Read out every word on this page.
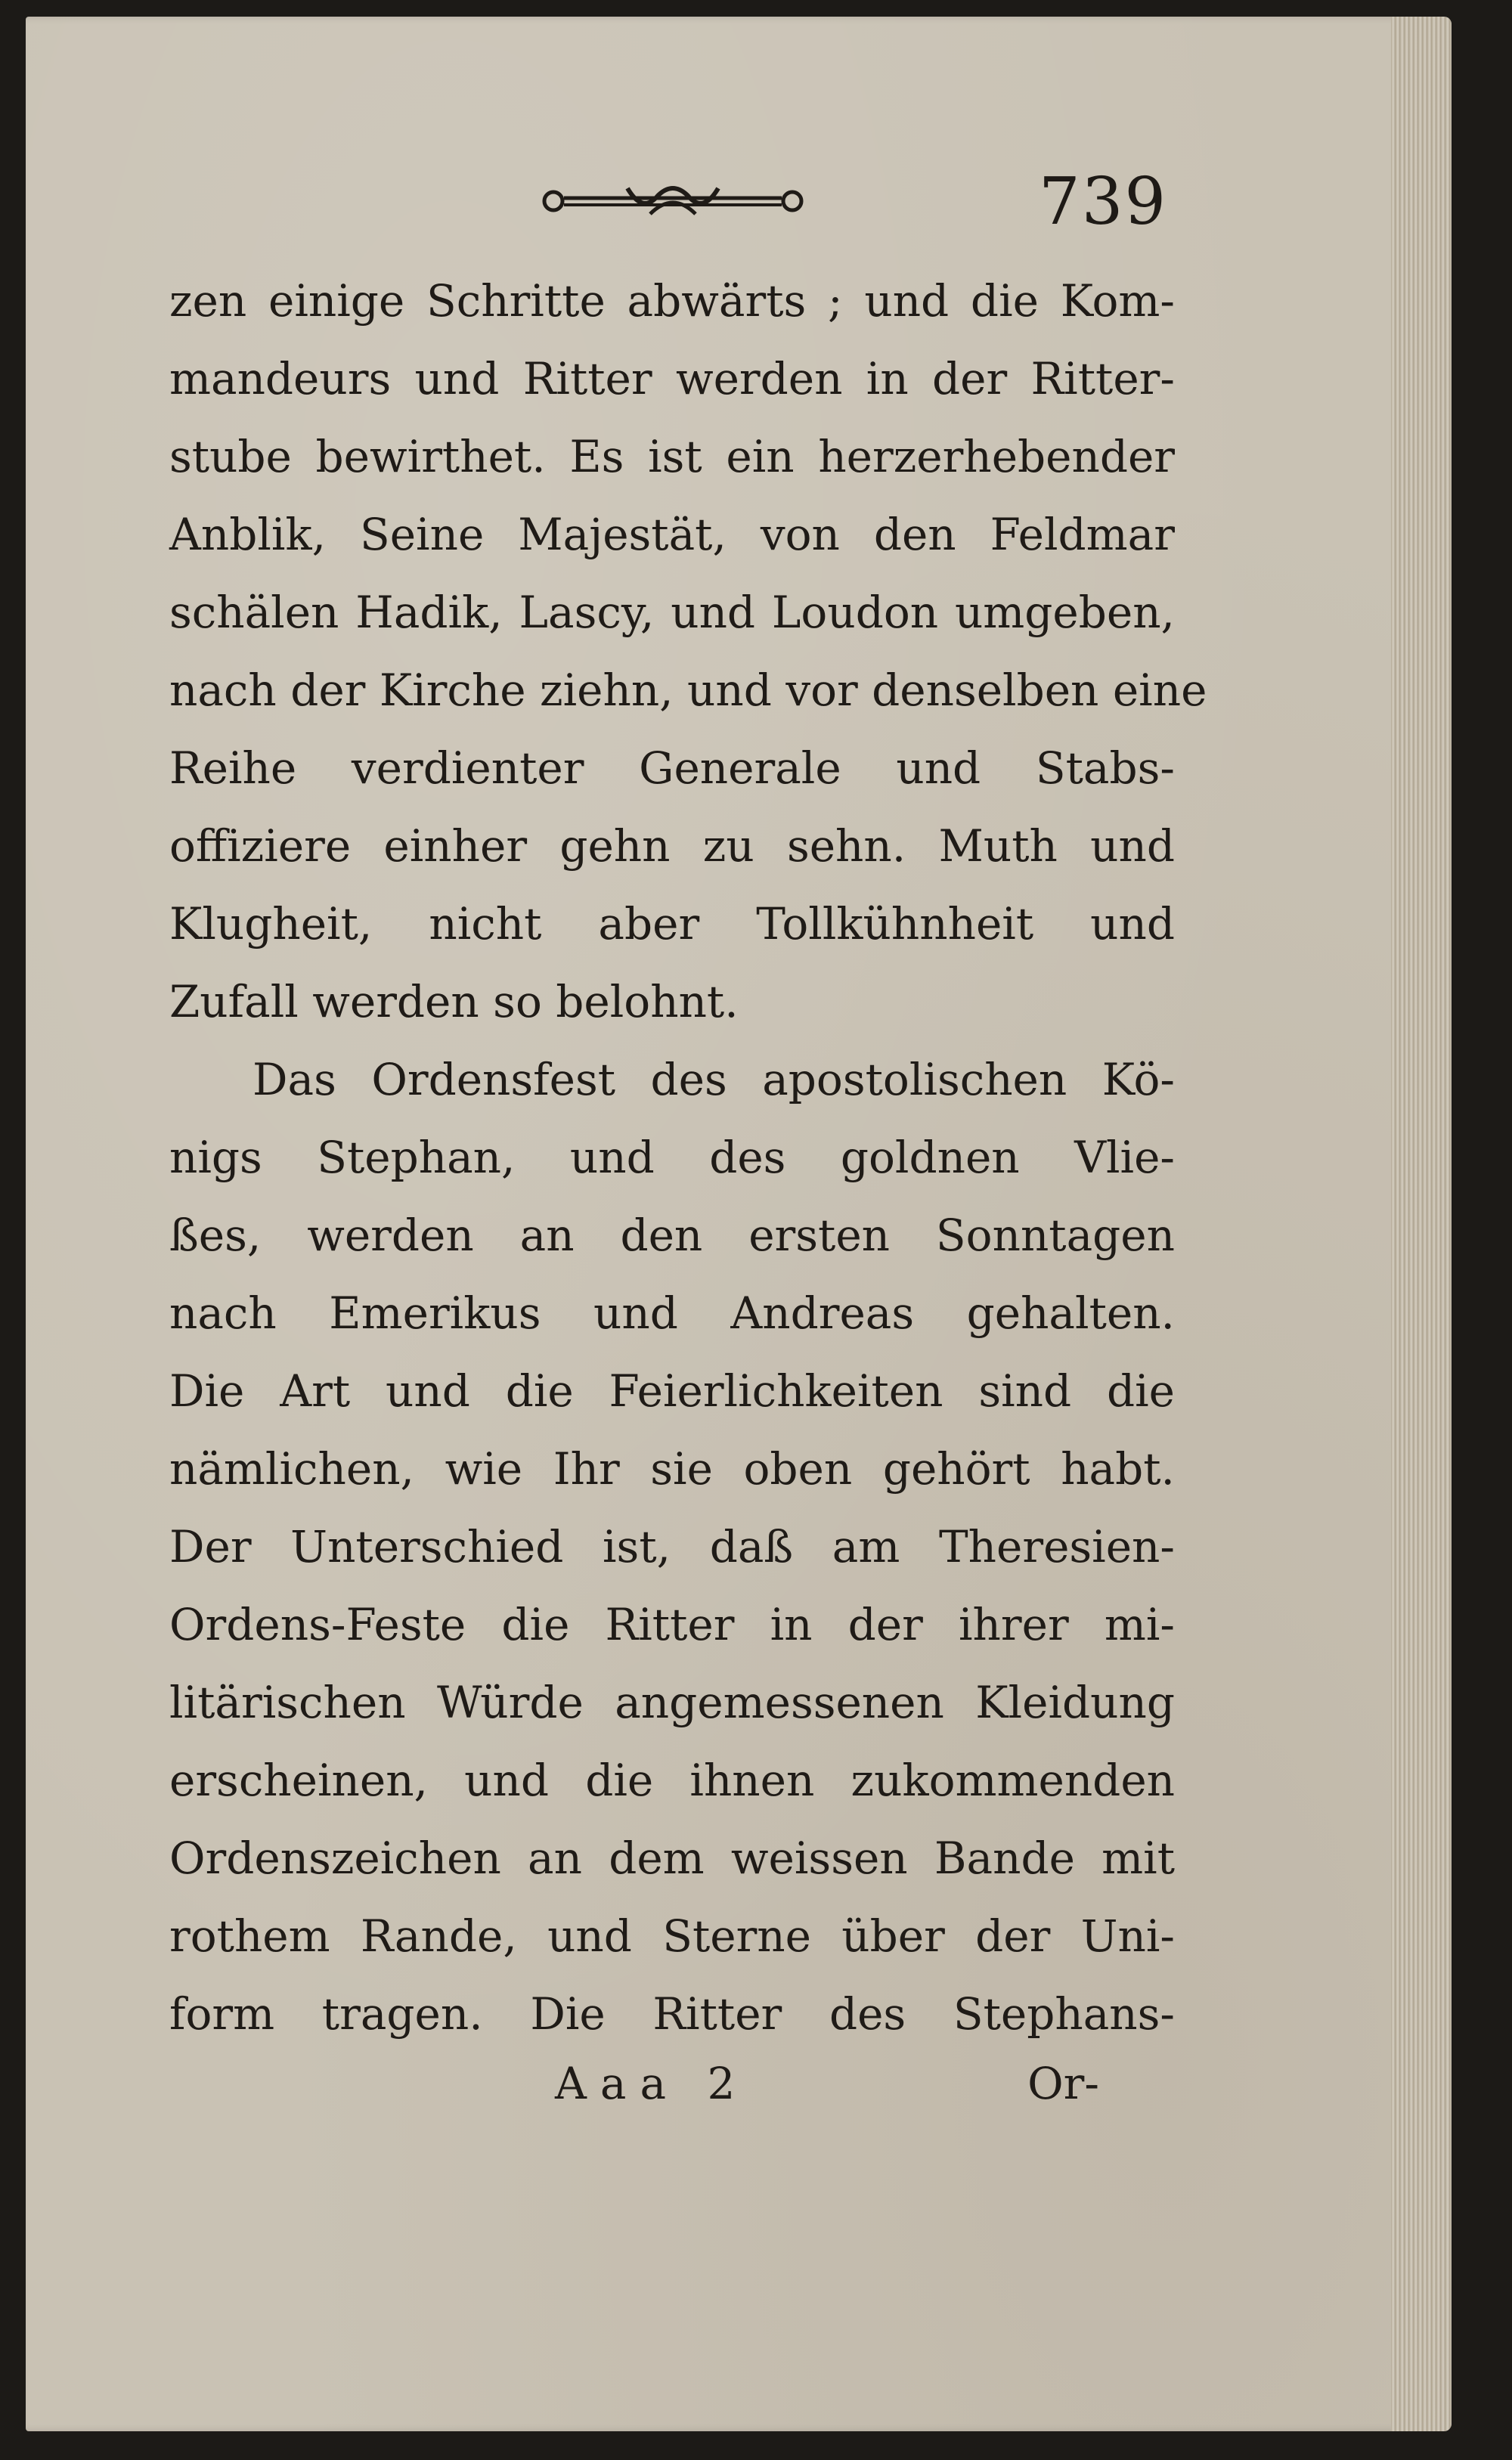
739
zen einige Schritte abwärts ; und die Kom-
mandeurs und Ritter werden in der Ritter-
stube bewirthet. Es ist ein herzerhebender
Anblik, Seine Majestät, von den Feldmar
schälen Hadik, Lascy, und Loudon umgeben,
nach der Kirche ziehn, und vor denselben eine
Reihe verdienter Generale und Stabs-
offiziere einher gehn zu sehn. Muth und
Klugheit, nicht aber Tollkühnheit und
Zufall werden so belohnt.
Das Ordensfest des apostolischen Kö-
nigs Stephan, und des goldnen Vlie-
ßes, werden an den ersten Sonntagen
nach Emerikus und Andreas gehalten.
Die Art und die Feierlichkeiten sind die
nämlichen, wie Ihr sie oben gehört habt.
Der Unterschied ist, daß am Theresien-
Ordens-Feste die Ritter in der ihrer mi-
litärischen Würde angemessenen Kleidung
erscheinen, und die ihnen zukommenden
Ordenszeichen an dem weissen Bande mit
rothem Rande, und Sterne über der Uni-
form tragen. Die Ritter des Stephans-
Aaa 2	Or-
